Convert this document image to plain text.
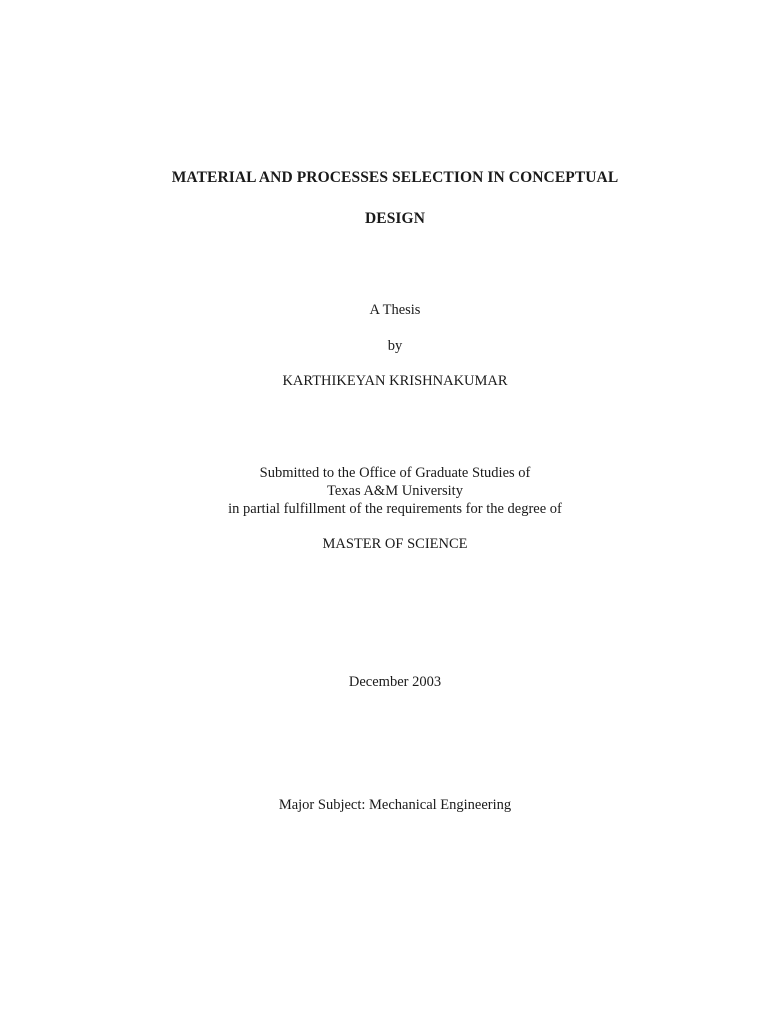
MATERIAL AND PROCESSES SELECTION IN CONCEPTUAL
DESIGN
A Thesis
by
KARTHIKEYAN KRISHNAKUMAR
Submitted to the Office of Graduate Studies of
Texas A&M University
in partial fulfillment of the requirements for the degree of
MASTER OF SCIENCE
December 2003
Major Subject: Mechanical Engineering
